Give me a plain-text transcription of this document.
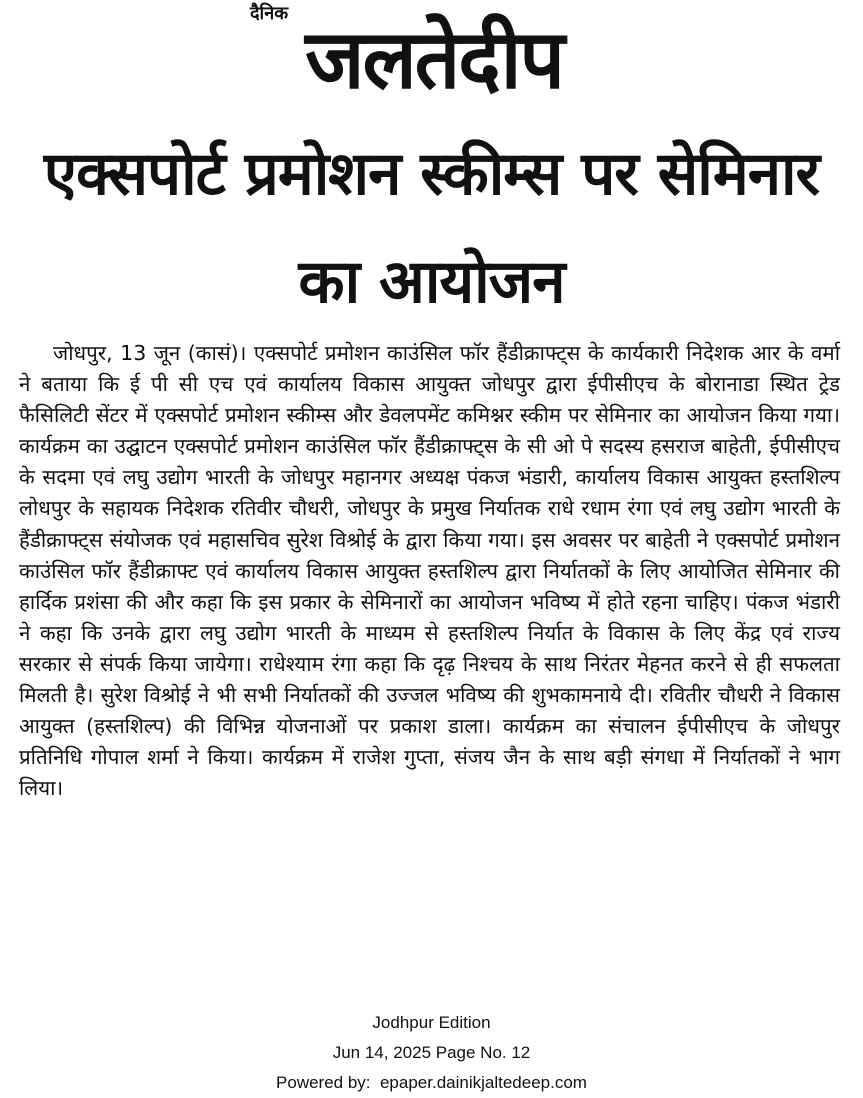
दैनिक जलतेदीप
एक्सपोर्ट प्रमोशन स्कीम्स पर सेमिनार का आयोजन

जोधपुर, 13 जून (कासं)। एक्सपोर्ट प्रमोशन काउंसिल फॉर हैंडीक्राफ्ट्स के कार्यकारी निदेशक आर के वर्मा ने बताया कि ई पी सी एच एवं कार्यालय विकास आयुक्त जोधपुर द्वारा ईपीसीएच के बोरानाडा स्थित ट्रेड फैसिलिटी सेंटर में एक्सपोर्ट प्रमोशन स्कीम्स और डेवलपमेंट कमिश्नर स्कीम पर सेमिनार का आयोजन किया गया। कार्यक्रम का उद्घाटन एक्सपोर्ट प्रमोशन काउंसिल फॉर हैंडीक्राफ्ट्स के सी ओ पे सदस्य हसराज बाहेती, ईपीसीएच के सदमा एवं लघु उद्योग भारती के जोधपुर महानगर अध्यक्ष पंकज भंडारी, कार्यालय विकास आयुक्त हस्तशिल्प लोधपुर के सहायक निदेशक रतिवीर चौधरी, जोधपुर के प्रमुख निर्यातक राधे रधाम रंगा एवं लघु उद्योग भारती के हैंडीक्राफ्ट्स संयोजक एवं महासचिव सुरेश विश्रोई के द्वारा किया गया। इस अवसर पर बाहेती ने एक्सपोर्ट प्रमोशन काउंसिल फॉर हैंडीक्राफ्ट एवं कार्यालय विकास आयुक्त हस्तशिल्प द्वारा निर्यातकों के लिए आयोजित सेमिनार की हार्दिक प्रशंसा की और कहा कि इस प्रकार के सेमिनारों का आयोजन भविष्य में होते रहना चाहिए। पंकज भंडारी ने कहा कि उनके द्वारा लघु उद्योग भारती के माध्यम से हस्तशिल्प निर्यात के विकास के लिए केंद्र एवं राज्य सरकार से संपर्क किया जायेगा। राधेश्याम रंगा कहा कि दृढ़ निश्चय के साथ निरंतर मेहनत करने से ही सफलता मिलती है। सुरेश विश्रोई ने भी सभी निर्यातकों की उज्जल भविष्य की शुभकामनाये दी। रवितीर चौधरी ने विकास आयुक्त (हस्तशिल्प) की विभिन्न योजनाओं पर प्रकाश डाला। कार्यक्रम का संचालन ईपीसीएच के जोधपुर प्रतिनिधि गोपाल शर्मा ने किया। कार्यक्रम में राजेश गुप्ता, संजय जैन के साथ बड़ी संगधा में निर्यातकों ने भाग लिया।

Jodhpur Edition
Jun 14, 2025 Page No. 12
Powered by:  epaper.dainikjaltedeep.com
